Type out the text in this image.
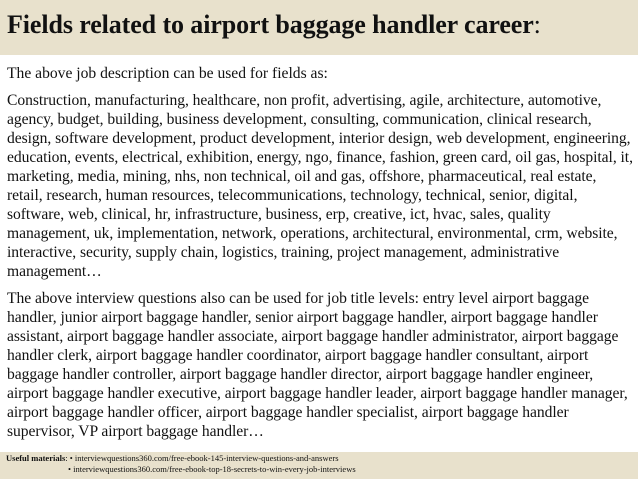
Fields related to airport baggage handler career:

The above job description can be used for fields as:

Construction, manufacturing, healthcare, non profit, advertising, agile, architecture, automotive, agency, budget, building, business development, consulting, communication, clinical research, design, software development, product development, interior design, web development, engineering, education, events, electrical, exhibition, energy, ngo, finance, fashion, green card, oil gas, hospital, it, marketing, media, mining, nhs, non technical, oil and gas, offshore, pharmaceutical, real estate, retail, research, human resources, telecommunications, technology, technical, senior, digital, software, web, clinical, hr, infrastructure, business, erp, creative, ict, hvac, sales, quality management, uk, implementation, network, operations, architectural, environmental, crm, website, interactive, security, supply chain, logistics, training, project management, administrative management…

The above interview questions also can be used for job title levels: entry level airport baggage handler, junior airport baggage handler, senior airport baggage handler, airport baggage handler assistant, airport baggage handler associate, airport baggage handler administrator, airport baggage handler clerk, airport baggage handler coordinator, airport baggage handler consultant, airport baggage handler controller, airport baggage handler director, airport baggage handler engineer, airport baggage handler executive, airport baggage handler leader, airport baggage handler manager, airport baggage handler officer, airport baggage handler specialist, airport baggage handler supervisor, VP airport baggage handler…

Useful materials: • interviewquestions360.com/free-ebook-145-interview-questions-and-answers
• interviewquestions360.com/free-ebook-top-18-secrets-to-win-every-job-interviews
